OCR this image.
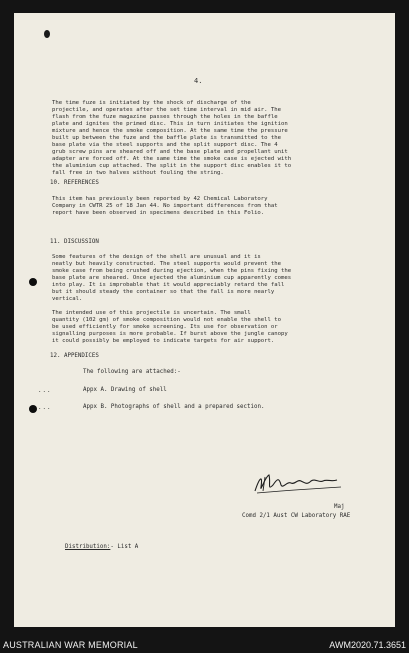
4.

The time fuze is initiated by the shock of discharge of the
projectile, and operates after the set time interval in mid air. The
flash from the fuze magazine passes through the holes in the baffle
plate and ignites the primed disc. This in turn initiates the ignition
mixture and hence the smoke composition. At the same time the pressure
built up between the fuze and the baffle plate is transmitted to the
base plate via the steel supports and the split support disc. The 4
grub screw pins are sheared off and the base plate and propellant unit
adapter are forced off. At the same time the smoke case is ejected with
the aluminium cup attached. The split in the support disc enables it to
fall free in two halves without fouling the string.

10. REFERENCES

This item has previously been reported by 42 Chemical Laboratory
Company in CWTR 25 of 18 Jan 44. No important differences from that
report have been observed in specimens described in this Folio.

11. DISCUSSION

Some features of the design of the shell are unusual and it is
neatly but heavily constructed. The steel supports would prevent the
smoke case from being crushed during ejection, when the pins fixing the
base plate are sheared. Once ejected the aluminium cup apparently comes
into play. It is improbable that it would appreciably retard the fall
but it should steady the container so that the fall is more nearly
vertical.

The intended use of this projectile is uncertain. The small
quantity (102 gm) of smoke composition would not enable the shell to
be used efficiently for smoke screening. Its use for observation or
signalling purposes is more probable. If burst above the jungle canopy
it could possibly be employed to indicate targets for air support.

12. APPENDICES

The following are attached:-

...	Appx A. Drawing of shell
...	Appx B. Photographs of shell and a prepared section.
Maj
Comd 2/1 Aust CW Laboratory RAE
Distribution:- List A
AUSTRALIAN WAR MEMORIAL	AWM2020.71.3651
